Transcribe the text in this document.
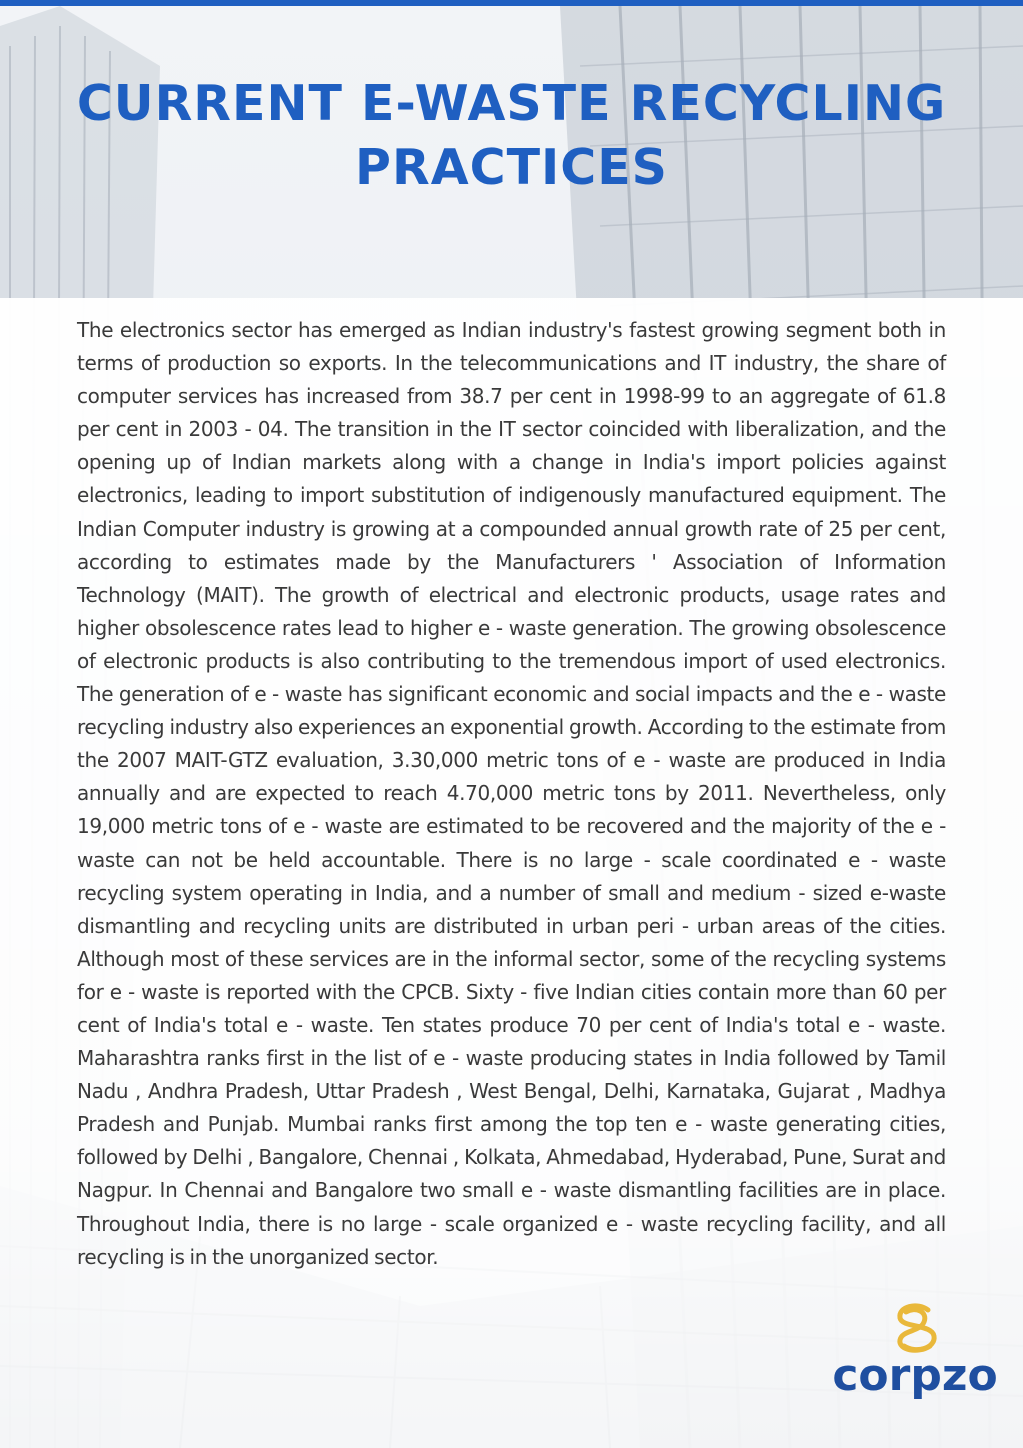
CURRENT E-WASTE RECYCLING PRACTICES

The electronics sector has emerged as Indian industry's fastest growing segment both in terms of production so exports. In the telecommunications and IT industry, the share of computer services has increased from 38.7 per cent in 1998-99 to an aggregate of 61.8 per cent in 2003 - 04. The transition in the IT sector coincided with liberalization, and the opening up of Indian markets along with a change in India's import policies against electronics, leading to import substitution of indigenously manufactured equipment. The Indian Computer industry is growing at a compounded annual growth rate of 25 per cent, according to estimates made by the Manufacturers ' Association of Information Technology (MAIT). The growth of electrical and electronic products, usage rates and higher obsolescence rates lead to higher e - waste generation. The growing obsolescence of electronic products is also contributing to the tremendous import of used electronics. The generation of e - waste has significant economic and social impacts and the e - waste recycling industry also experiences an exponential growth. According to the estimate from the 2007 MAIT-GTZ evaluation, 3.30,000 metric tons of e - waste are produced in India annually and are expected to reach 4.70,000 metric tons by 2011. Nevertheless, only 19,000 metric tons of e - waste are estimated to be recovered and the majority of the e - waste can not be held accountable. There is no large - scale coordinated e - waste recycling system operating in India, and a number of small and medium - sized e-waste dismantling and recycling units are distributed in urban peri - urban areas of the cities. Although most of these services are in the informal sector, some of the recycling systems for e - waste is reported with the CPCB. Sixty - five Indian cities contain more than 60 per cent of India's total e - waste. Ten states produce 70 per cent of India's total e - waste. Maharashtra ranks first in the list of e - waste producing states in India followed by Tamil Nadu , Andhra Pradesh, Uttar Pradesh , West Bengal, Delhi, Karnataka, Gujarat , Madhya Pradesh and Punjab. Mumbai ranks first among the top ten e - waste generating cities, followed by Delhi , Bangalore, Chennai , Kolkata, Ahmedabad, Hyderabad, Pune, Surat and Nagpur. In Chennai and Bangalore two small e - waste dismantling facilities are in place. Throughout India, there is no large - scale organized e - waste recycling facility, and all recycling is in the unorganized sector.

corpzo
